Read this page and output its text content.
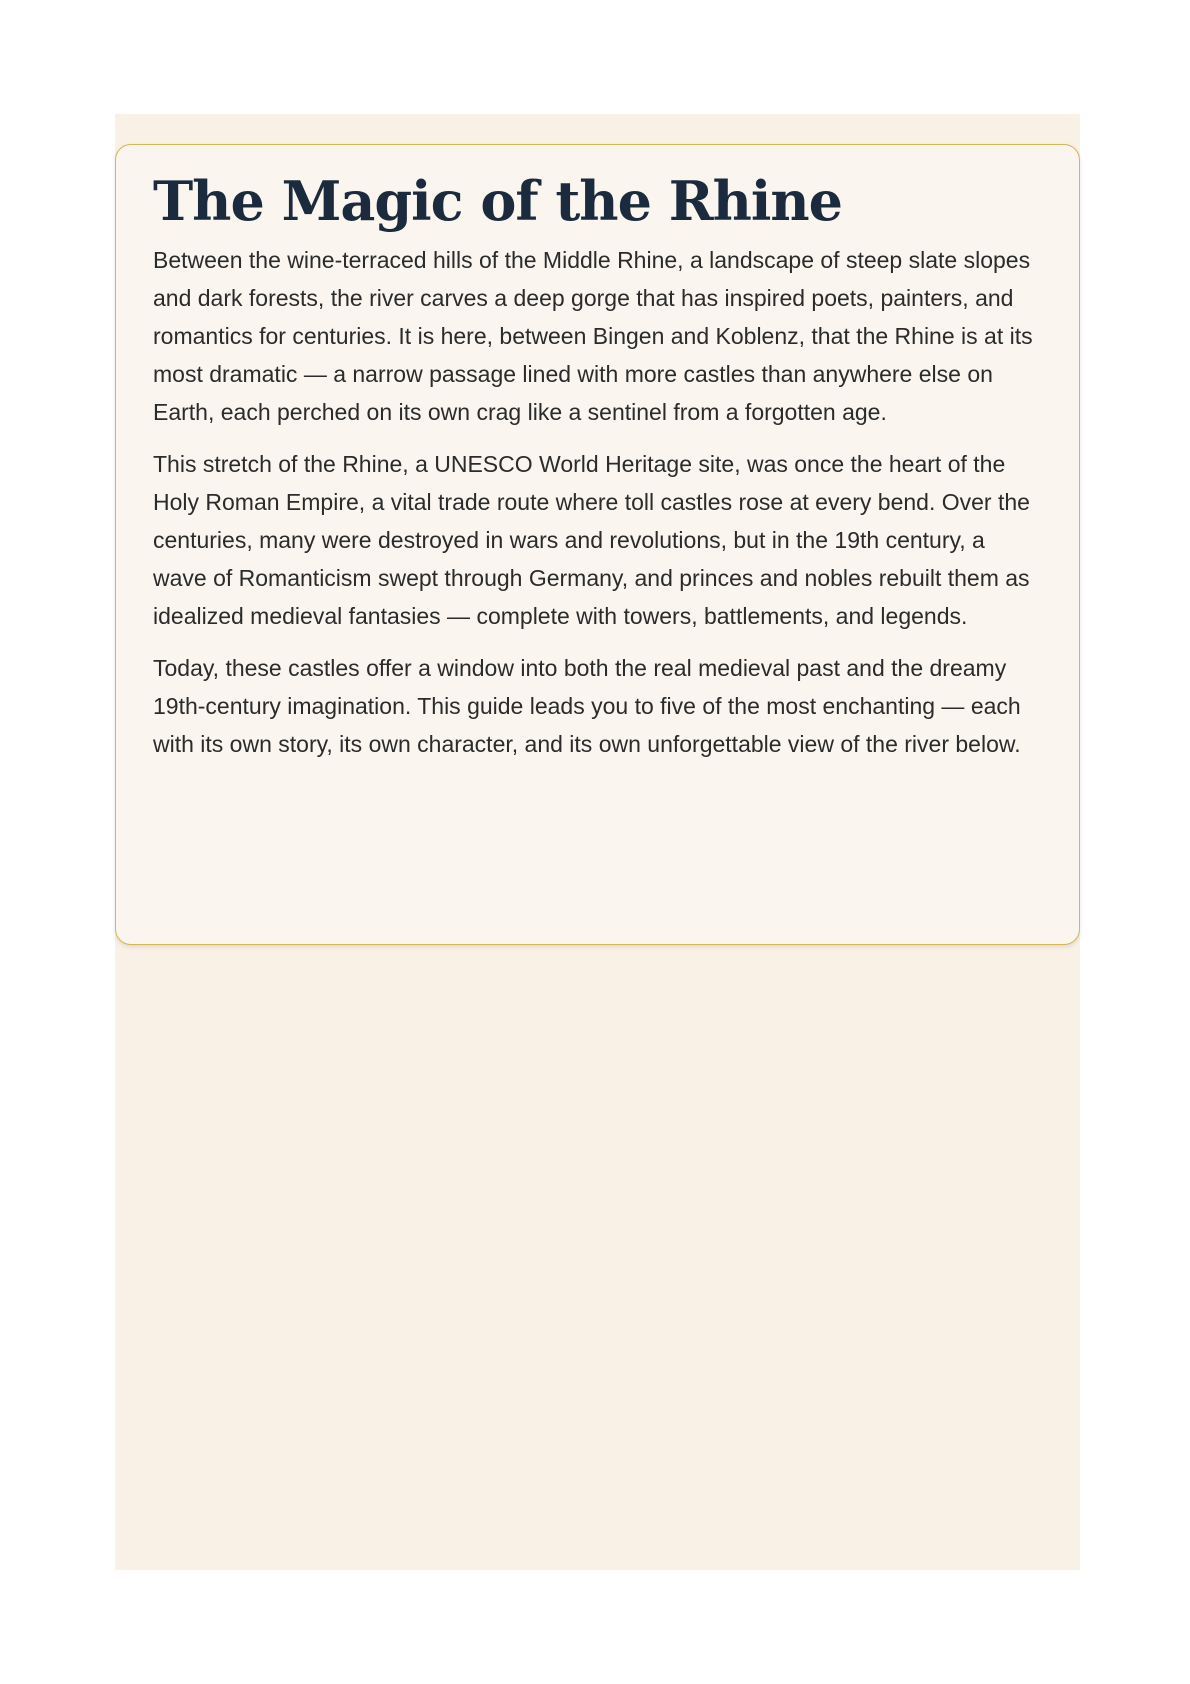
The Magic of the Rhine

Between the wine-terraced hills of the Middle Rhine, a landscape of steep slate slopes and dark forests, the river carves a deep gorge that has inspired poets, painters, and romantics for centuries. It is here, between Bingen and Koblenz, that the Rhine is at its most dramatic — a narrow passage lined with more castles than anywhere else on Earth, each perched on its own crag like a sentinel from a forgotten age.

This stretch of the Rhine, a UNESCO World Heritage site, was once the heart of the Holy Roman Empire, a vital trade route where toll castles rose at every bend. Over the centuries, many were destroyed in wars and revolutions, but in the 19th century, a wave of Romanticism swept through Germany, and princes and nobles rebuilt them as idealized medieval fantasies — complete with towers, battlements, and legends.

Today, these castles offer a window into both the real medieval past and the dreamy 19th-century imagination. This guide leads you to five of the most enchanting — each with its own story, its own character, and its own unforgettable view of the river below.
